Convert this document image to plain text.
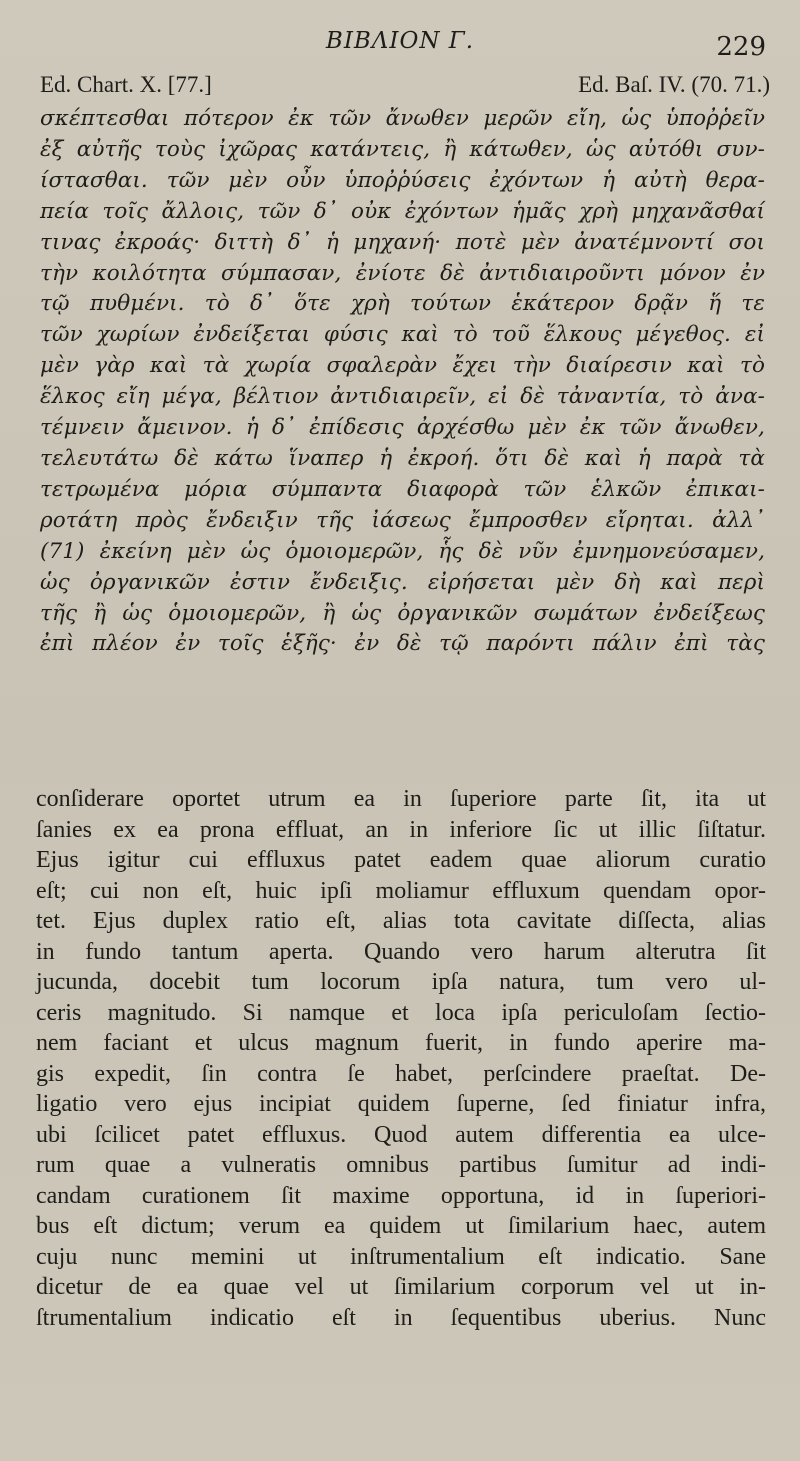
BIBΛΙΟΝ Γ.	229
Ed. Chart. X. [77.]	Ed. Baſ. IV. (70. 71.)
σκέπτεσθαι πότερον ἐκ τῶν ἄνωθεν μερῶν εἴη, ὡς ὑποῤῥεῖν
ἐξ αὐτῆς τοὺς ἰχῶρας κατάντεις, ἢ κάτωθεν, ὡς αὐτόθι συν-
ίστασθαι. τῶν μὲν οὖν ὑποῤῥύσεις ἐχόντων ἡ αὐτὴ θερα-
πεία τοῖς ἄλλοις, τῶν δ᾽ οὐκ ἐχόντων ἡμᾶς χρὴ μηχανᾶσθαί
τινας ἐκροάς· διττὴ δ᾽ ἡ μηχανή· ποτὲ μὲν ἀνατέμνοντί σοι
τὴν κοιλότητα σύμπασαν, ἐνίοτε δὲ ἀντιδιαιροῦντι μόνον ἐν
τῷ πυθμένι. τὸ δ᾽ ὅτε χρὴ τούτων ἑκάτερον δρᾷν ἥ τε
τῶν χωρίων ἐνδείξεται φύσις καὶ τὸ τοῦ ἕλκους μέγεθος. εἰ
μὲν γὰρ καὶ τὰ χωρία σφαλερὰν ἔχει τὴν διαίρεσιν καὶ τὸ
ἕλκος εἴη μέγα, βέλτιον ἀντιδιαιρεῖν, εἰ δὲ τἀναντία, τὸ ἀνα-
τέμνειν ἄμεινον. ἡ δ᾽ ἐπίδεσις ἀρχέσθω μὲν ἐκ τῶν ἄνωθεν,
τελευτάτω δὲ κάτω ἵναπερ ἡ ἐκροή. ὅτι δὲ καὶ ἡ παρὰ τὰ
τετρωμένα μόρια σύμπαντα διαφορὰ τῶν ἑλκῶν ἐπικαι-
ροτάτη πρὸς ἔνδειξιν τῆς ἰάσεως ἔμπροσθεν εἴρηται. ἀλλ᾽
(71) ἐκείνη μὲν ὡς ὁμοιομερῶν, ἧς δὲ νῦν ἐμνημονεύσαμεν,
ὡς ὀργανικῶν ἐστιν ἔνδειξις. εἰρήσεται μὲν δὴ καὶ περὶ
τῆς ἢ ὡς ὁμοιομερῶν, ἢ ὡς ὀργανικῶν σωμάτων ἐνδείξεως
ἐπὶ πλέον ἐν τοῖς ἑξῆς· ἐν δὲ τῷ παρόντι πάλιν ἐπὶ τὰς
conſiderare oportet utrum ea in ſuperiore parte ſit, ita ut
ſanies ex ea prona effluat, an in inferiore ſic ut illic ſiſtatur.
Ejus igitur cui effluxus patet eadem quae aliorum curatio
eſt; cui non eſt, huic ipſi moliamur effluxum quendam opor-
tet. Ejus duplex ratio eſt, alias tota cavitate diſſecta, alias
in fundo tantum aperta. Quando vero harum alterutra ſit
jucunda, docebit tum locorum ipſa natura, tum vero ul-
ceris magnitudo. Si namque et loca ipſa periculoſam ſectio-
nem faciant et ulcus magnum fuerit, in fundo aperire ma-
gis expedit, ſin contra ſe habet, perſcindere praeſtat. De-
ligatio vero ejus incipiat quidem ſuperne, ſed finiatur infra,
ubi ſcilicet patet effluxus. Quod autem differentia ea ulce-
rum quae a vulneratis omnibus partibus ſumitur ad indi-
candam curationem ſit maxime opportuna, id in ſuperiori-
bus eſt dictum; verum ea quidem ut ſimilarium haec, autem
cuju nunc memini ut inſtrumentalium eſt indicatio. Sane
dicetur de ea quae vel ut ſimilarium corporum vel ut in-
ſtrumentalium indicatio eſt in ſequentibus uberius. Nunc
